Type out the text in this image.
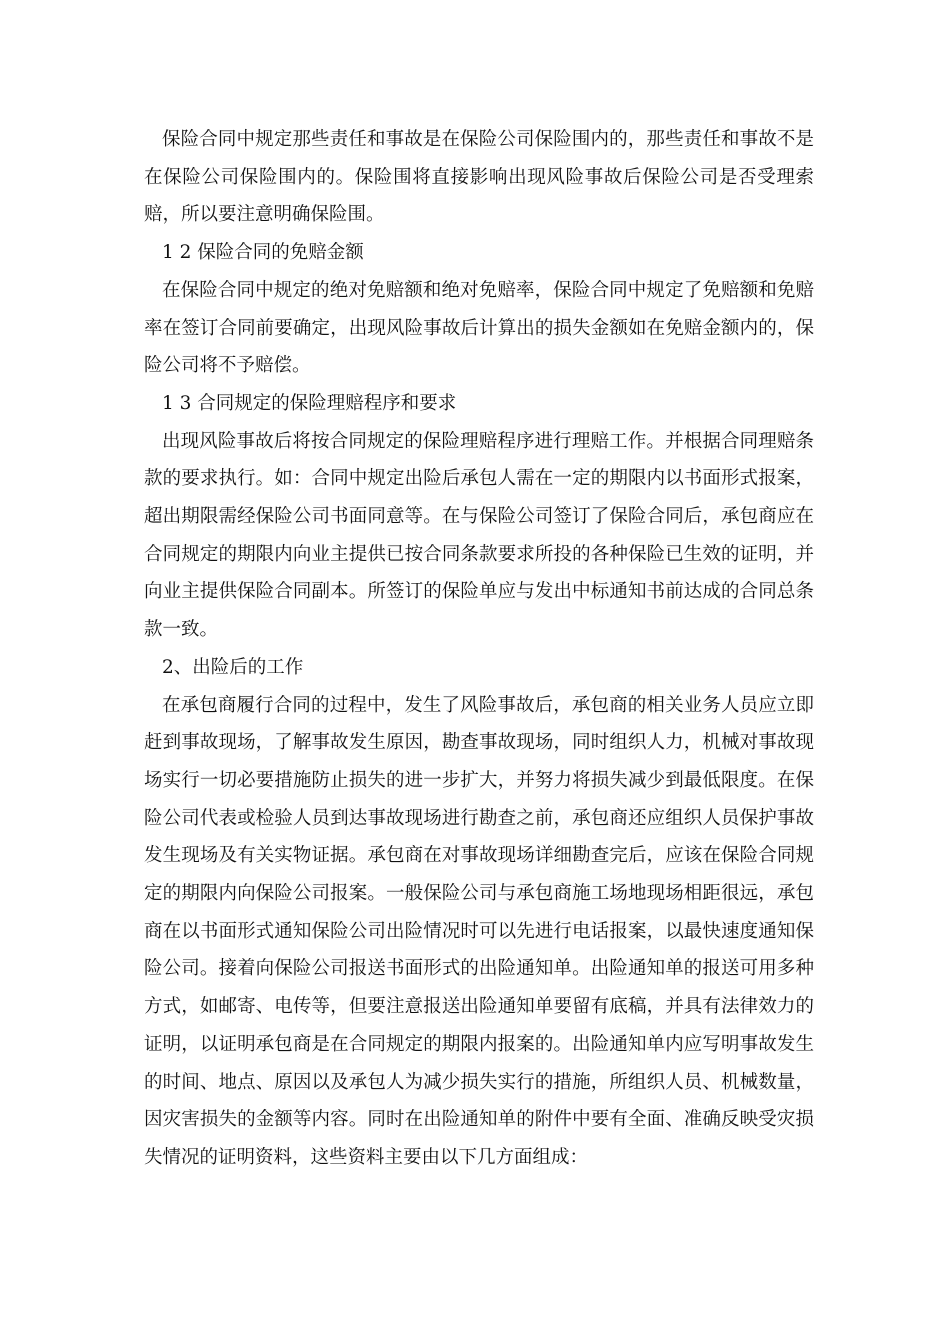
保险合同中规定那些责任和事故是在保险公司保险围内的，那些责任和事故不是在保险公司保险围内的。保险围将直接影响出现风险事故后保险公司是否受理索赔，所以要注意明确保险围。

1 2 保险合同的免赔金额

在保险合同中规定的绝对免赔额和绝对免赔率，保险合同中规定了免赔额和免赔率在签订合同前要确定，出现风险事故后计算出的损失金额如在免赔金额内的，保险公司将不予赔偿。

1 3 合同规定的保险理赔程序和要求

出现风险事故后将按合同规定的保险理赔程序进行理赔工作。并根据合同理赔条款的要求执行。如：合同中规定出险后承包人需在一定的期限内以书面形式报案，超出期限需经保险公司书面同意等。在与保险公司签订了保险合同后，承包商应在合同规定的期限内向业主提供已按合同条款要求所投的各种保险已生效的证明，并向业主提供保险合同副本。所签订的保险单应与发出中标通知书前达成的合同总条款一致。

2、出险后的工作

在承包商履行合同的过程中，发生了风险事故后，承包商的相关业务人员应立即赶到事故现场，了解事故发生原因，勘查事故现场，同时组织人力，机械对事故现场实行一切必要措施防止损失的进一步扩大，并努力将损失减少到最低限度。在保险公司代表或检验人员到达事故现场进行勘查之前，承包商还应组织人员保护事故发生现场及有关实物证据。承包商在对事故现场详细勘查完后，应该在保险合同规定的期限内向保险公司报案。一般保险公司与承包商施工场地现场相距很远，承包商在以书面形式通知保险公司出险情况时可以先进行电话报案，以最快速度通知保险公司。接着向保险公司报送书面形式的出险通知单。出险通知单的报送可用多种方式，如邮寄、电传等，但要注意报送出险通知单要留有底稿，并具有法律效力的证明，以证明承包商是在合同规定的期限内报案的。出险通知单内应写明事故发生的时间、地点、原因以及承包人为减少损失实行的措施，所组织人员、机械数量，因灾害损失的金额等内容。同时在出险通知单的附件中要有全面、准确反映受灾损失情况的证明资料，这些资料主要由以下几方面组成：
